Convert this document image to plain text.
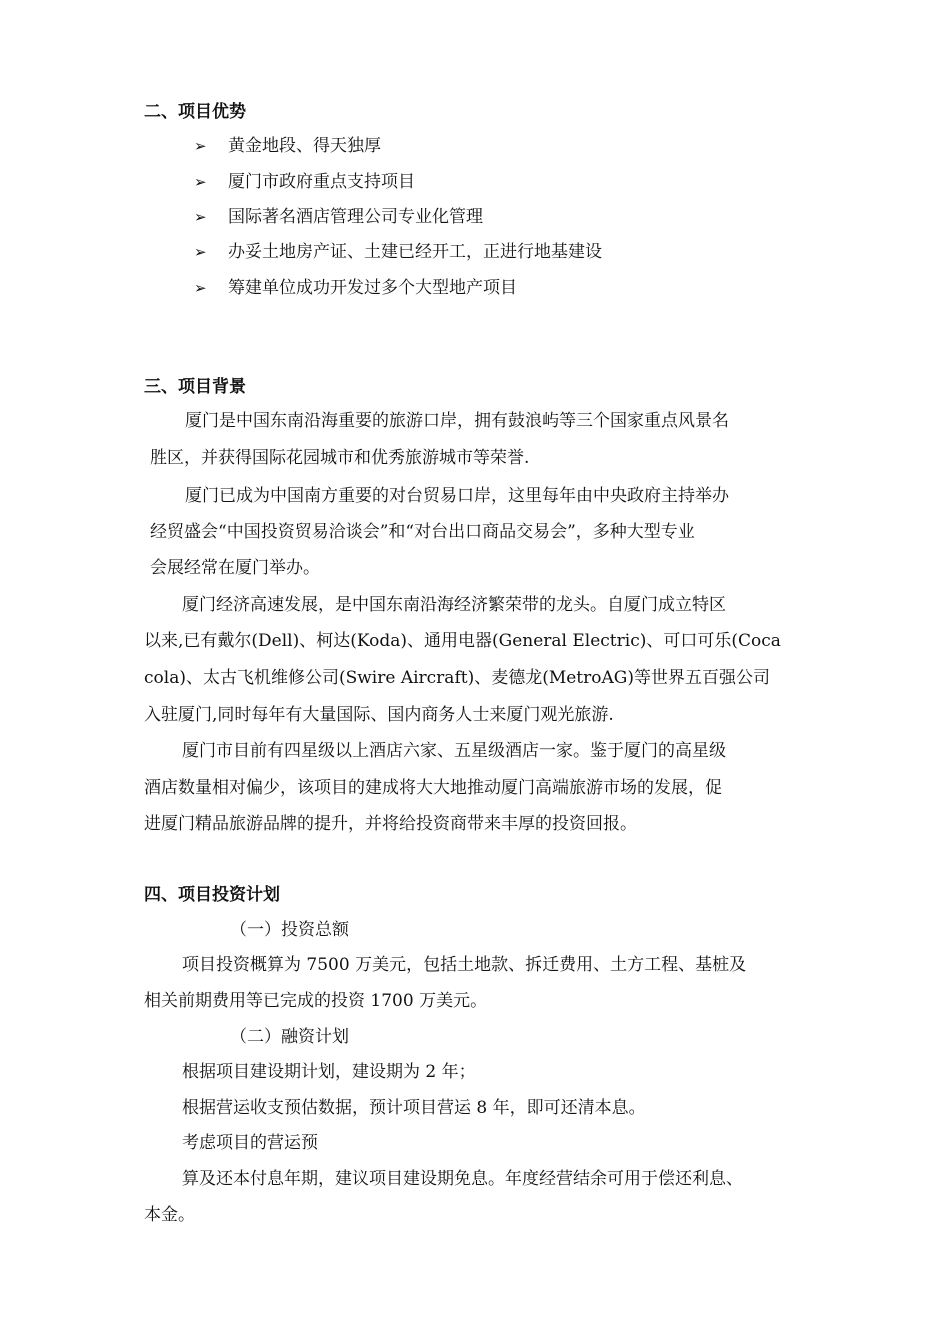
二、项目优势
➢ 黄金地段、得天独厚
➢ 厦门市政府重点支持项目
➢ 国际著名酒店管理公司专业化管理
➢ 办妥土地房产证、土建已经开工，正进行地基建设
➢ 筹建单位成功开发过多个大型地产项目
三、项目背景
厦门是中国东南沿海重要的旅游口岸，拥有鼓浪屿等三个国家重点风景名
胜区，并获得国际花园城市和优秀旅游城市等荣誉.
厦门已成为中国南方重要的对台贸易口岸，这里每年由中央政府主持举办
经贸盛会“中国投资贸易洽谈会”和“对台出口商品交易会”，多种大型专业
会展经常在厦门举办。
厦门经济高速发展，是中国东南沿海经济繁荣带的龙头。自厦门成立特区
以来,已有戴尔(Dell)、柯达(Koda)、通用电器(General Electric)、可口可乐(Coca
cola)、太古飞机维修公司(Swire Aircraft)、麦德龙(MetroAG)等世界五百强公司
入驻厦门,同时每年有大量国际、国内商务人士来厦门观光旅游.
厦门市目前有四星级以上酒店六家、五星级酒店一家。鉴于厦门的高星级
酒店数量相对偏少，该项目的建成将大大地推动厦门高端旅游市场的发展，促
进厦门精品旅游品牌的提升，并将给投资商带来丰厚的投资回报。
四、项目投资计划
（一）投资总额
项目投资概算为 7500 万美元，包括土地款、拆迁费用、土方工程、基桩及
相关前期费用等已完成的投资 1700 万美元。
（二）融资计划
根据项目建设期计划，建设期为 2 年；
根据营运收支预估数据，预计项目营运 8 年，即可还清本息。
考虑项目的营运预
算及还本付息年期，建议项目建设期免息。年度经营结余可用于偿还利息、
本金。
